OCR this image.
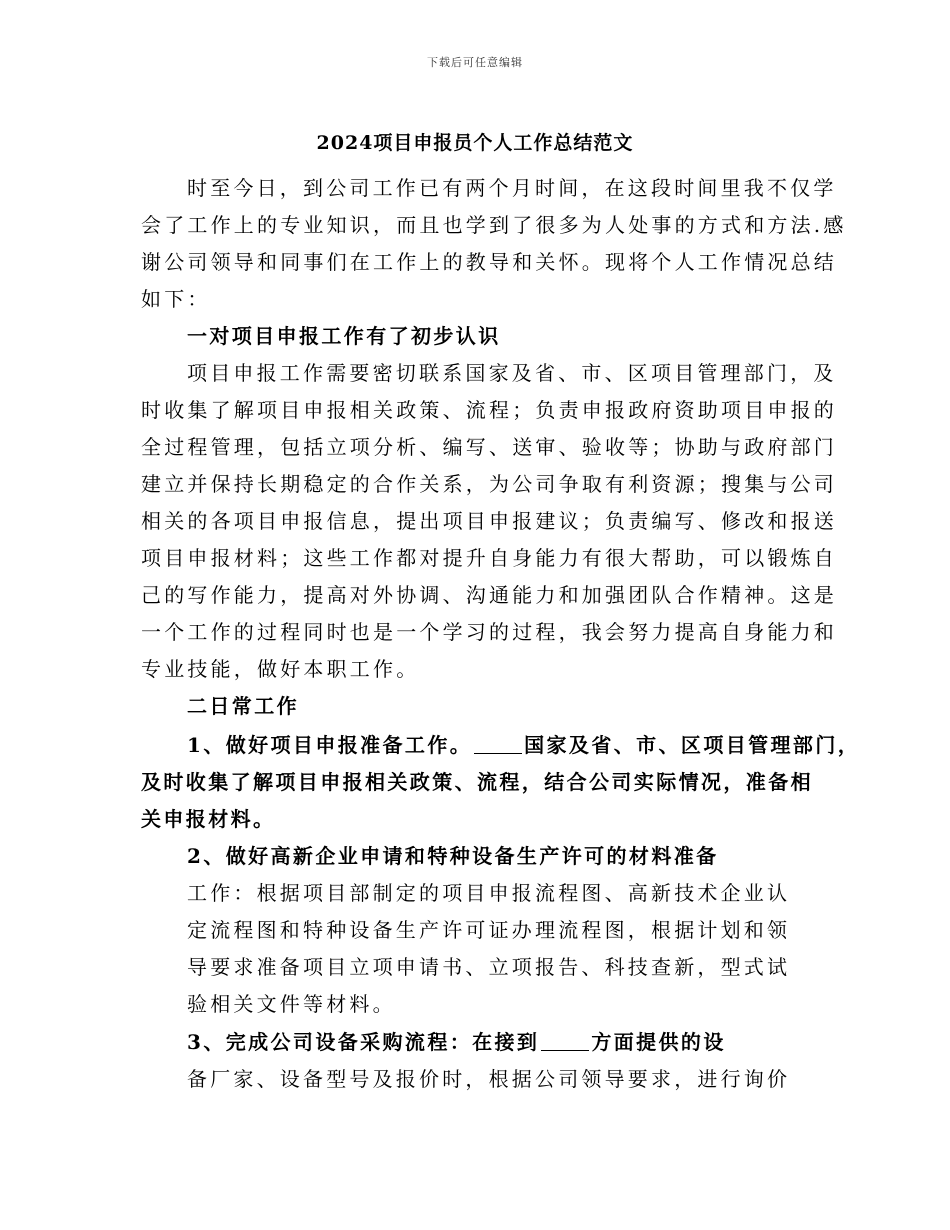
下载后可任意编辑
2024项目申报员个人工作总结范文
时至今日，到公司工作已有两个月时间，在这段时间里我不仅学
会了工作上的专业知识，而且也学到了很多为人处事的方式和方法.感
谢公司领导和同事们在工作上的教导和关怀。现将个人工作情况总结
如下：
一对项目申报工作有了初步认识
项目申报工作需要密切联系国家及省、市、区项目管理部门，及
时收集了解项目申报相关政策、流程；负责申报政府资助项目申报的
全过程管理，包括立项分析、编写、送审、验收等；协助与政府部门
建立并保持长期稳定的合作关系，为公司争取有利资源；搜集与公司
相关的各项目申报信息，提出项目申报建议；负责编写、修改和报送
项目申报材料；这些工作都对提升自身能力有很大帮助，可以锻炼自
己的写作能力，提高对外协调、沟通能力和加强团队合作精神。这是
一个工作的过程同时也是一个学习的过程，我会努力提高自身能力和
专业技能，做好本职工作。
二日常工作
1、做好项目申报准备工作。	国家及省、市、区项目管理部门，
及时收集了解项目申报相关政策、流程，结合公司实际情况，准备相
关申报材料。
2、做好高新企业申请和特种设备生产许可的材料准备
工作：根据项目部制定的项目申报流程图、高新技术企业认
定流程图和特种设备生产许可证办理流程图，根据计划和领
导要求准备项目立项申请书、立项报告、科技查新，型式试
验相关文件等材料。
3、完成公司设备采购流程：在接到	方面提供的设
备厂家、设备型号及报价时，根据公司领导要求，进行询价
